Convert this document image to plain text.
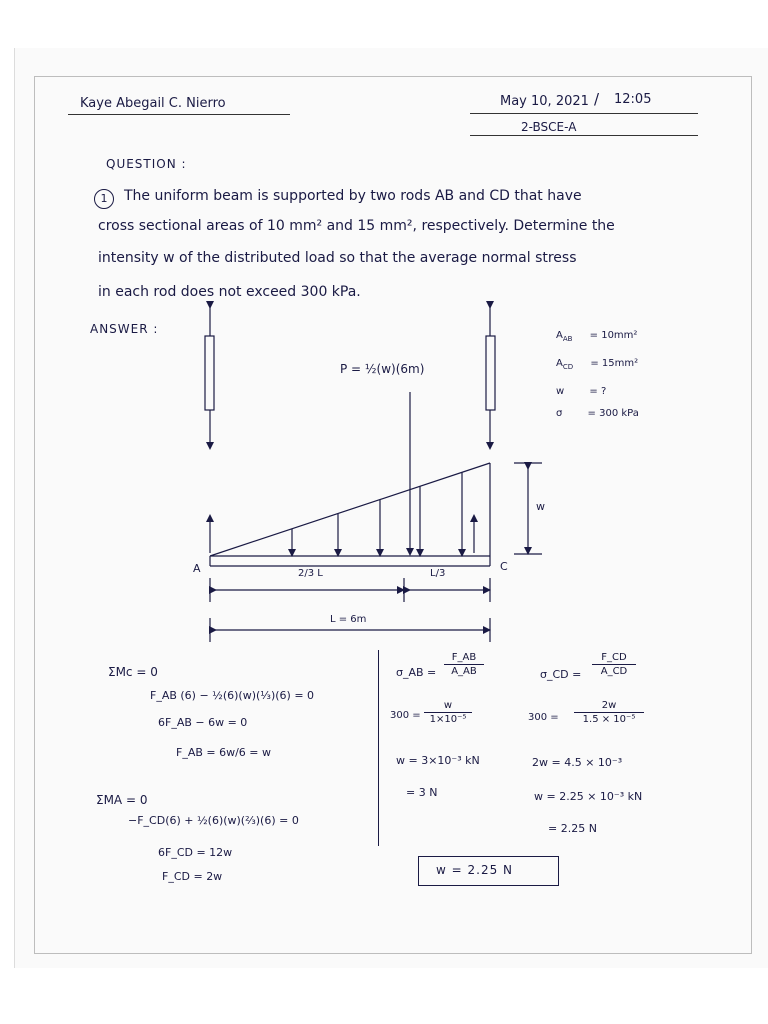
Kaye Abegail C. Nierro	May 10, 2021 / 12:05
2-BSCE-A
QUESTION :
1	The uniform beam is supported by two rods AB and CD that have
cross sectional areas of 10 mm² and 15 mm², respectively. Determine the
intensity w of the distributed load so that the average normal stress
in each rod does not exceed 300 kPa.
ANSWER :
P = ½(w)(6m)
A	C
w
2/3 L	L/3
L = 6m
$A_{AB} = 10mm^2$
$A_{CD} = 15mm^2$
w	= ?
σ	= 300 kPa
ΣMc = 0
F_AB (6) − ½(6)(w)(⅓)(6) = 0
6F_AB − 6w = 0
F_AB = 6w/6 = w
ΣMA = 0
−F_CD(6) + ½(6)(w)(⅔)(6) = 0
6F_CD = 12w
F_CD = 2w
σ_AB =
F_AB
A_AB
300 =
w
1×10⁻⁵
w = 3×10⁻³ kN
= 3 N
σ_CD =
F_CD
A_CD
300 =
2w
1.5 × 10⁻⁵
2w = 4.5 × 10⁻³
w = 2.25 × 10⁻³ kN
= 2.25 N
w = 2.25 N
